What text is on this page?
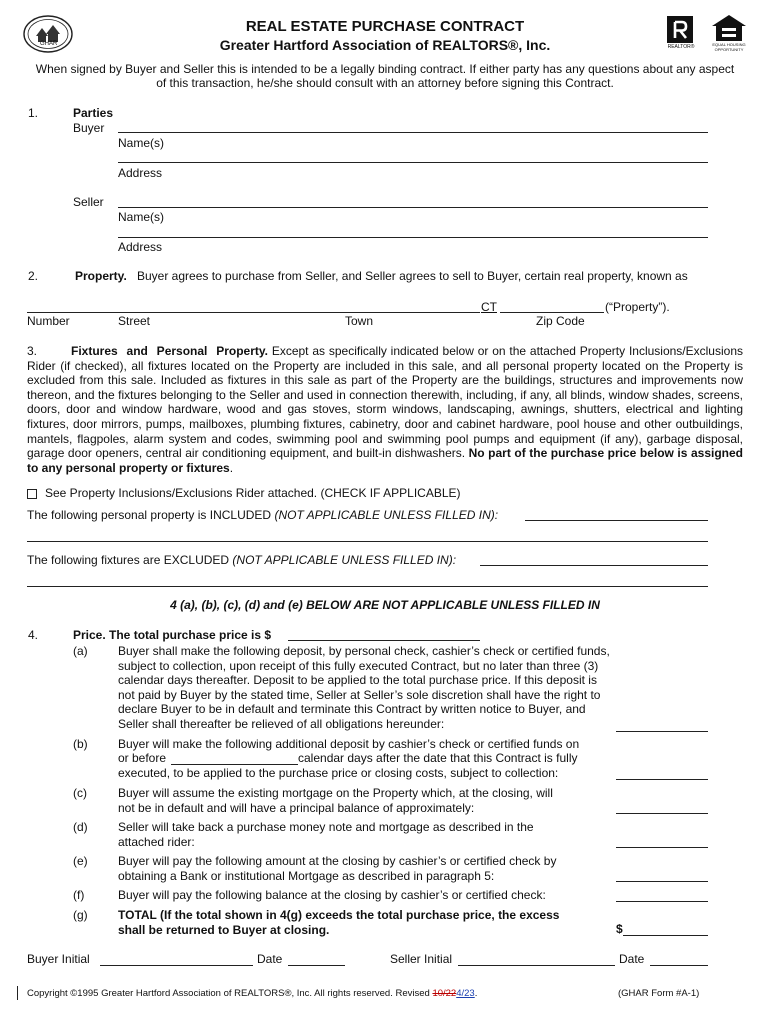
GHAR
REAL ESTATE PURCHASE CONTRACT
Greater Hartford Association of REALTORS®, Inc.	REALTOR®	EQUAL HOUSING OPPORTUNITY
When signed by Buyer and Seller this is intended to be a legally binding contract. If either party has any questions about any aspect of this transaction, he/she should consult with an attorney before signing this Contract.
1.	Parties
Buyer
Name(s)
Address
Seller
Name(s)
Address
2.	Property. Buyer agrees to purchase from Seller, and Seller agrees to sell to Buyer, certain real property, known as
CT	(“Property”).
Number	Street	Town	Zip Code
3.	Fixtures and Personal Property. Except as specifically indicated below or on the attached Property Inclusions/Exclusions Rider (if checked), all fixtures located on the Property are included in this sale, and all personal property located on the Property is excluded from this sale. Included as fixtures in this sale as part of the Property are the buildings, structures and improvements now thereon, and the fixtures belonging to the Seller and used in connection therewith, including, if any, all blinds, window shades, screens, doors, door and window hardware, wood and gas stoves, storm windows, landscaping, awnings, shutters, electrical and lighting fixtures, door mirrors, pumps, mailboxes, plumbing fixtures, cabinetry, door and cabinet hardware, pool house and other outbuildings, mantels, flagpoles, alarm system and codes, swimming pool and swimming pool pumps and equipment (if any), garbage disposal, garage door openers, central air conditioning equipment, and built-in dishwashers. No part of the purchase price below is assigned to any personal property or fixtures.
See Property Inclusions/Exclusions Rider attached. (CHECK IF APPLICABLE)
The following personal property is INCLUDED (NOT APPLICABLE UNLESS FILLED IN):
The following fixtures are EXCLUDED (NOT APPLICABLE UNLESS FILLED IN):
4 (a), (b), (c), (d) and (e) BELOW ARE NOT APPLICABLE UNLESS FILLED IN
4.	Price. The total purchase price is $
(a)	Buyer shall make the following deposit, by personal check, cashier’s check or certified funds, subject to collection, upon receipt of this fully executed Contract, but no later than three (3) calendar days thereafter. Deposit to be applied to the total purchase price. If this deposit is not paid by Buyer by the stated time, Seller at Seller’s sole discretion shall have the right to declare Buyer to be in default and terminate this Contract by written notice to Buyer, and Seller shall thereafter be relieved of all obligations hereunder:
(b)	Buyer will make the following additional deposit by cashier’s check or certified funds on
or before	calendar days after the date that this Contract is fully
executed, to be applied to the purchase price or closing costs, subject to collection:
(c)	Buyer will assume the existing mortgage on the Property which, at the closing, will not be in default and will have a principal balance of approximately:
(d)	Seller will take back a purchase money note and mortgage as described in the attached rider:
(e)	Buyer will pay the following amount at the closing by cashier’s or certified check by obtaining a Bank or institutional Mortgage as described in paragraph 5:
(f)	Buyer will pay the following balance at the closing by cashier’s or certified check:
(g)	TOTAL (If the total shown in 4(g) exceeds the total purchase price, the excess shall be returned to Buyer at closing.	$
Buyer Initial	Date	Seller Initial	Date
Copyright ©1995 Greater Hartford Association of REALTORS®, Inc. All rights reserved. Revised 10/224/23.	(GHAR Form #A-1)
